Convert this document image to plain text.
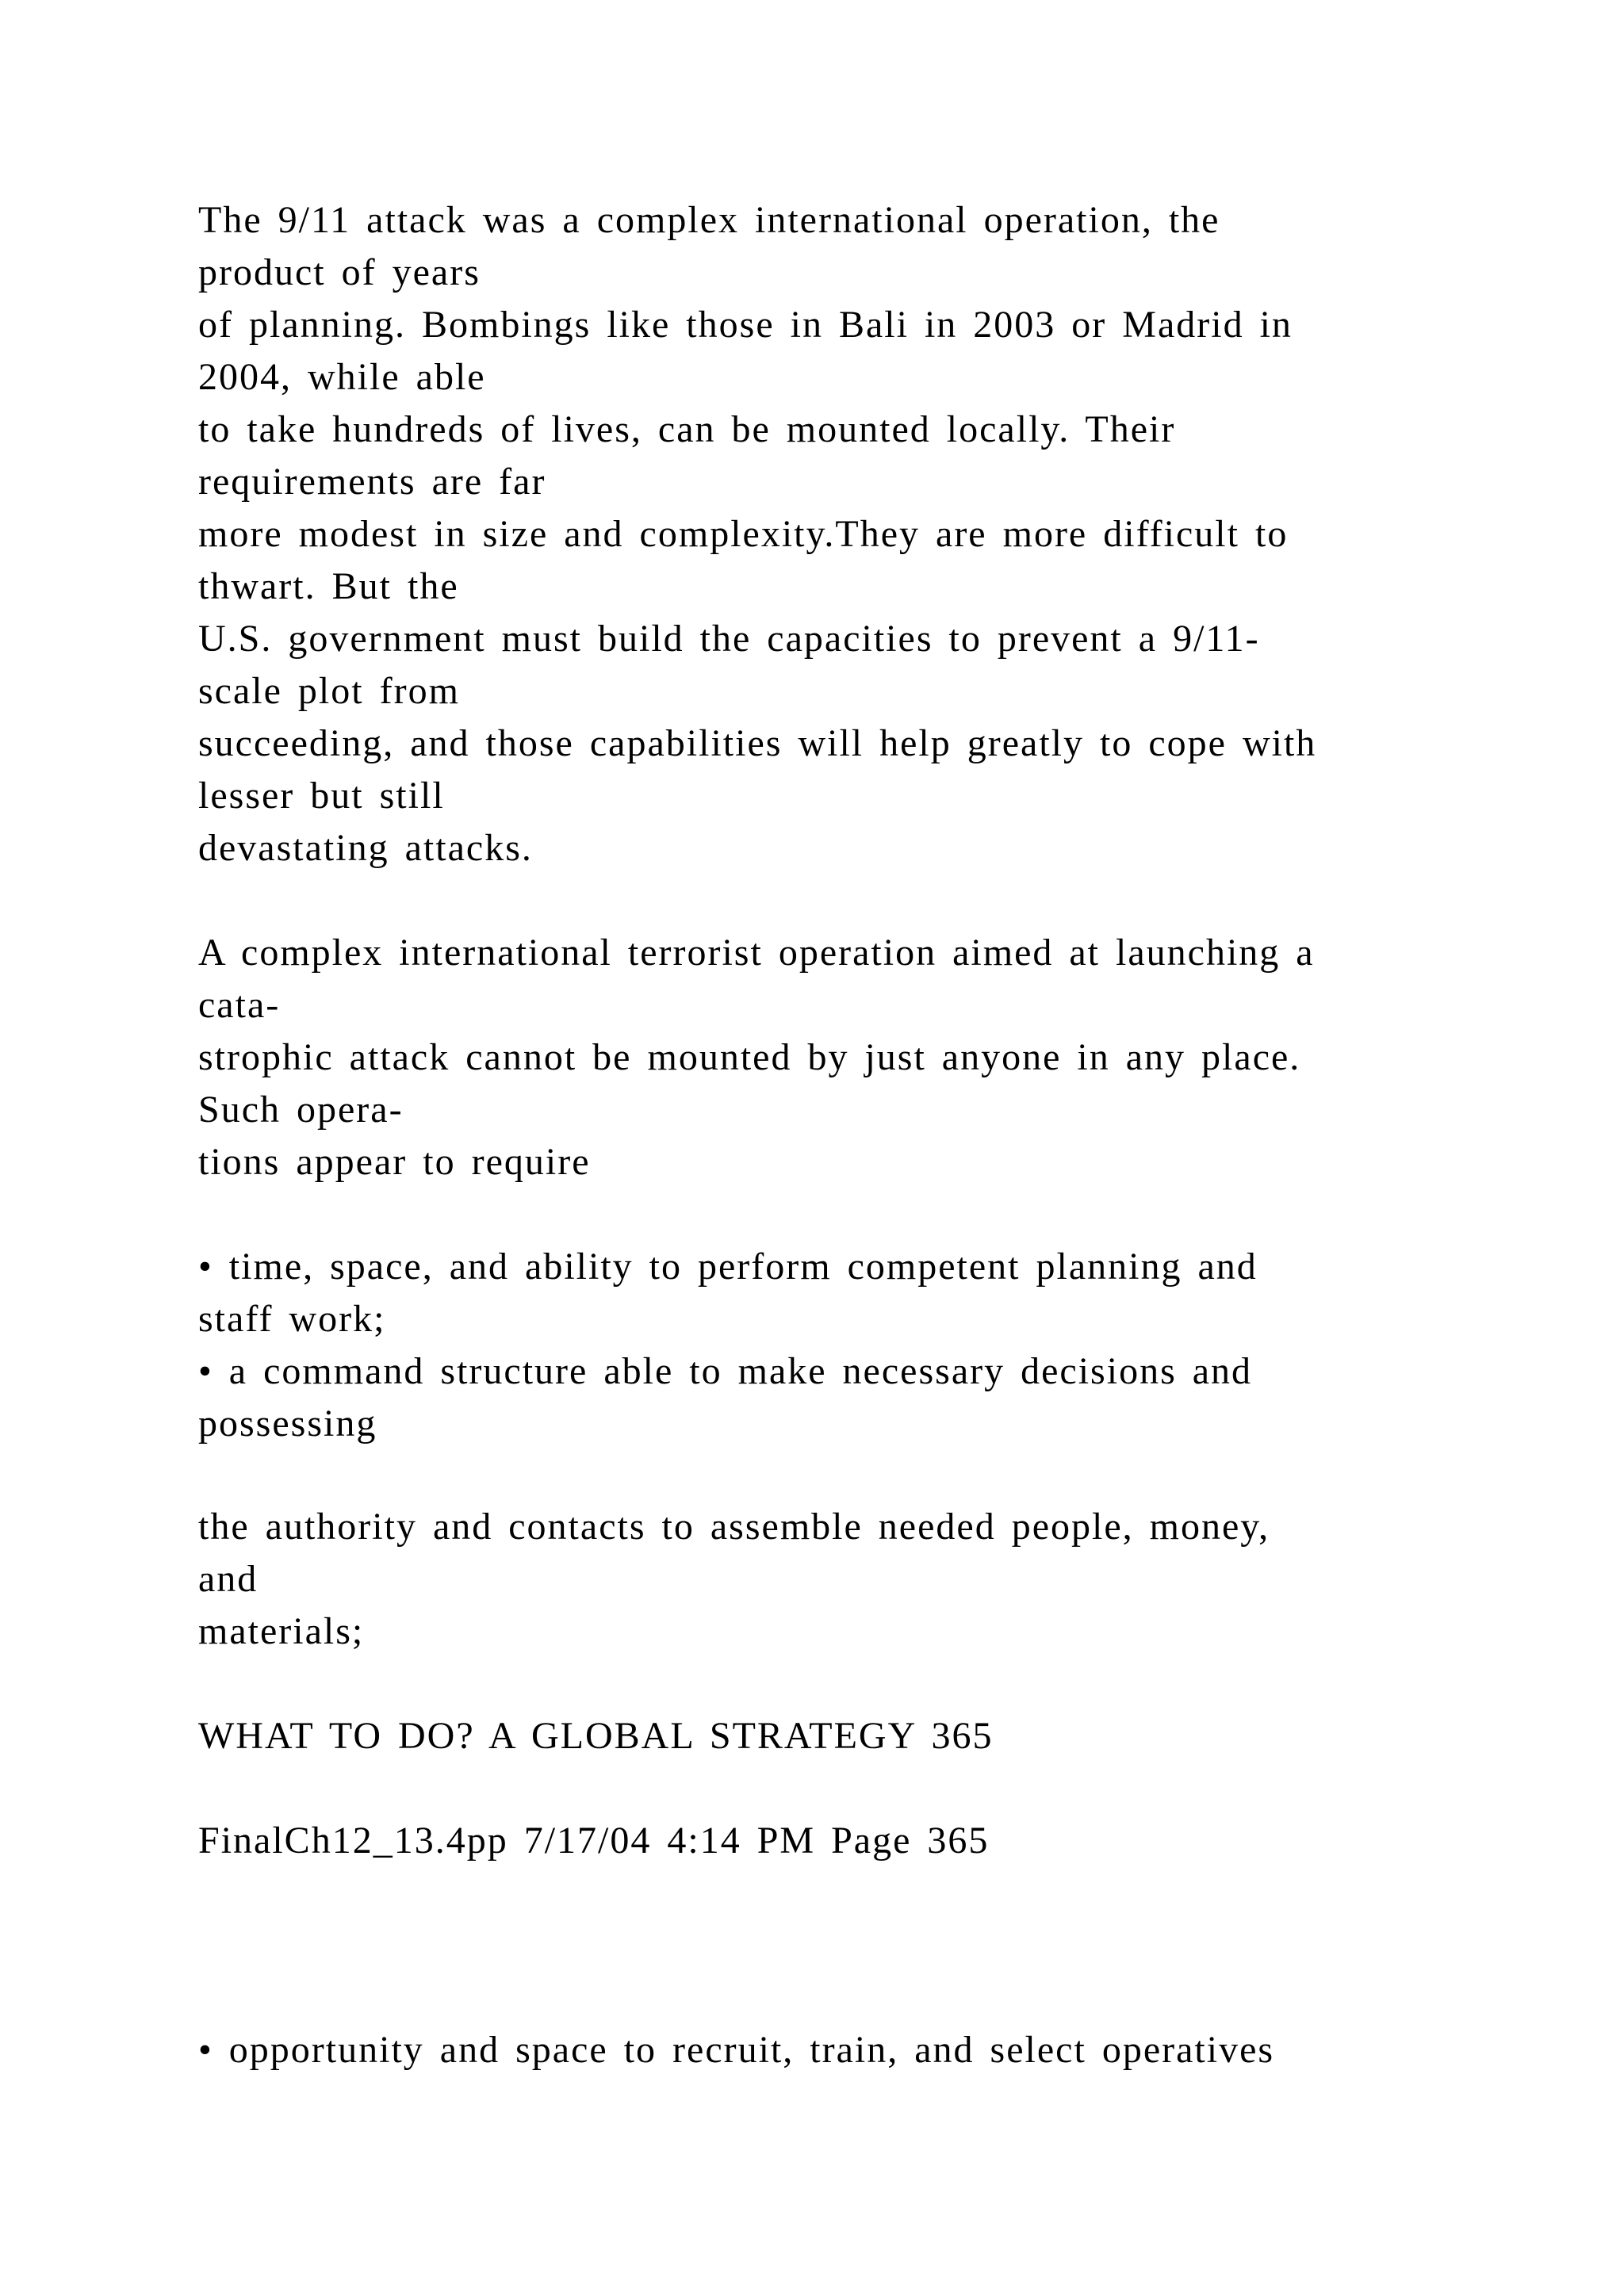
The 9/11 attack was a complex international operation, the
product of years
of planning. Bombings like those in Bali in 2003 or Madrid in
2004, while able
to take hundreds of lives, can be mounted locally. Their
requirements are far
more modest in size and complexity.They are more difficult to
thwart. But the
U.S. government must build the capacities to prevent a 9/11-
scale plot from
succeeding, and those capabilities will help greatly to cope with
lesser but still
devastating attacks.
A complex international terrorist operation aimed at launching a
cata-
strophic attack cannot be mounted by just anyone in any place.
Such opera-
tions appear to require
• time, space, and ability to perform competent planning and
staff work;
• a command structure able to make necessary decisions and
possessing
the authority and contacts to assemble needed people, money,
and
materials;
WHAT TO DO? A GLOBAL STRATEGY 365
FinalCh12_13.4pp 7/17/04 4:14 PM Page 365
• opportunity and space to recruit, train, and select operatives
